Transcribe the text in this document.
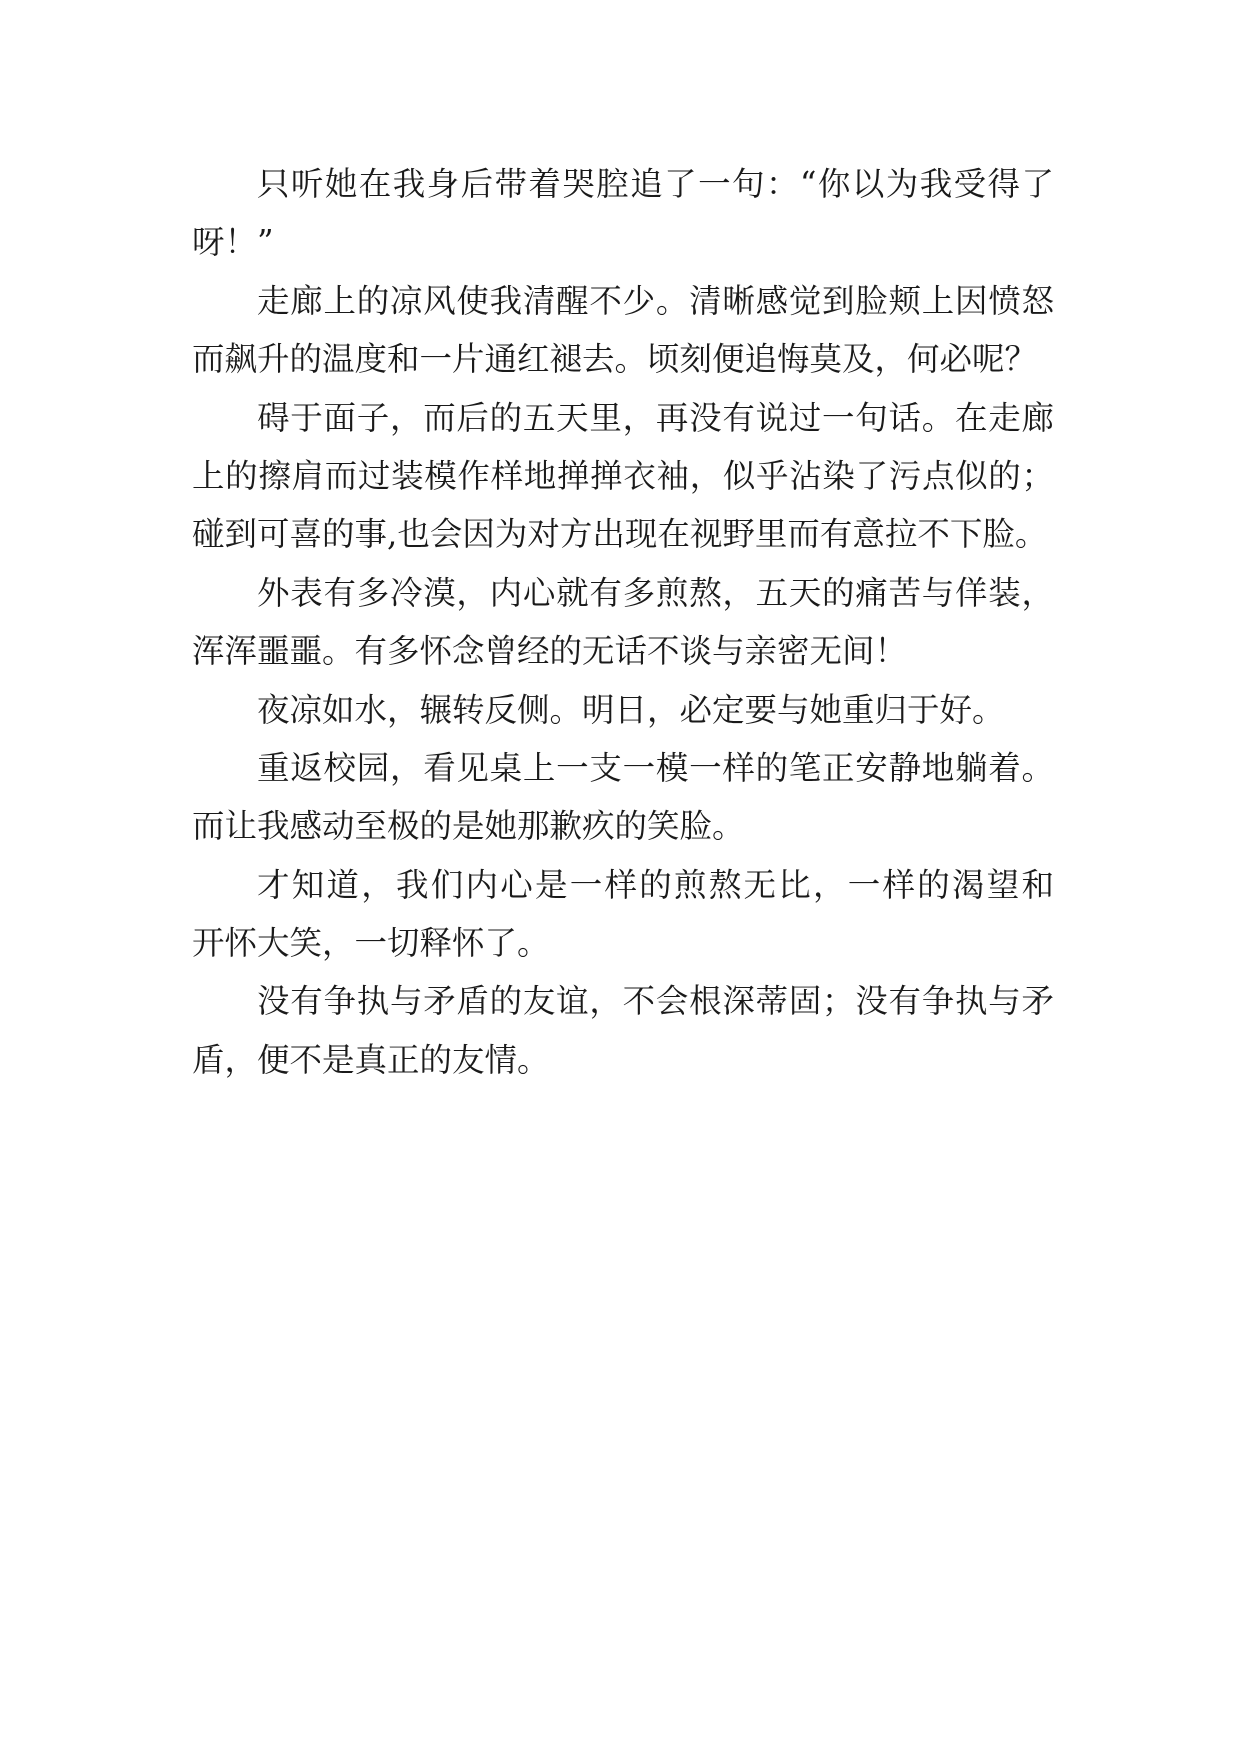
只听她在我身后带着哭腔追了一句：“你以为我受得了
呀！”
走廊上的凉风使我清醒不少。清晰感觉到脸颊上因愤怒
而飙升的温度和一片通红褪去。顷刻便追悔莫及，何必呢？
碍于面子，而后的五天里，再没有说过一句话。在走廊
上的擦肩而过装模作样地掸掸衣袖，似乎沾染了污点似的；
碰到可喜的事,也会因为对方出现在视野里而有意拉不下脸。
外表有多冷漠，内心就有多煎熬，五天的痛苦与佯装，
浑浑噩噩。有多怀念曾经的无话不谈与亲密无间！
夜凉如水，辗转反侧。明日，必定要与她重归于好。
重返校园，看见桌上一支一模一样的笔正安静地躺着。
而让我感动至极的是她那歉疚的笑脸。
才知道，我们内心是一样的煎熬无比，一样的渴望和
开怀大笑，一切释怀了。
没有争执与矛盾的友谊，不会根深蒂固；没有争执与矛
盾，便不是真正的友情。
